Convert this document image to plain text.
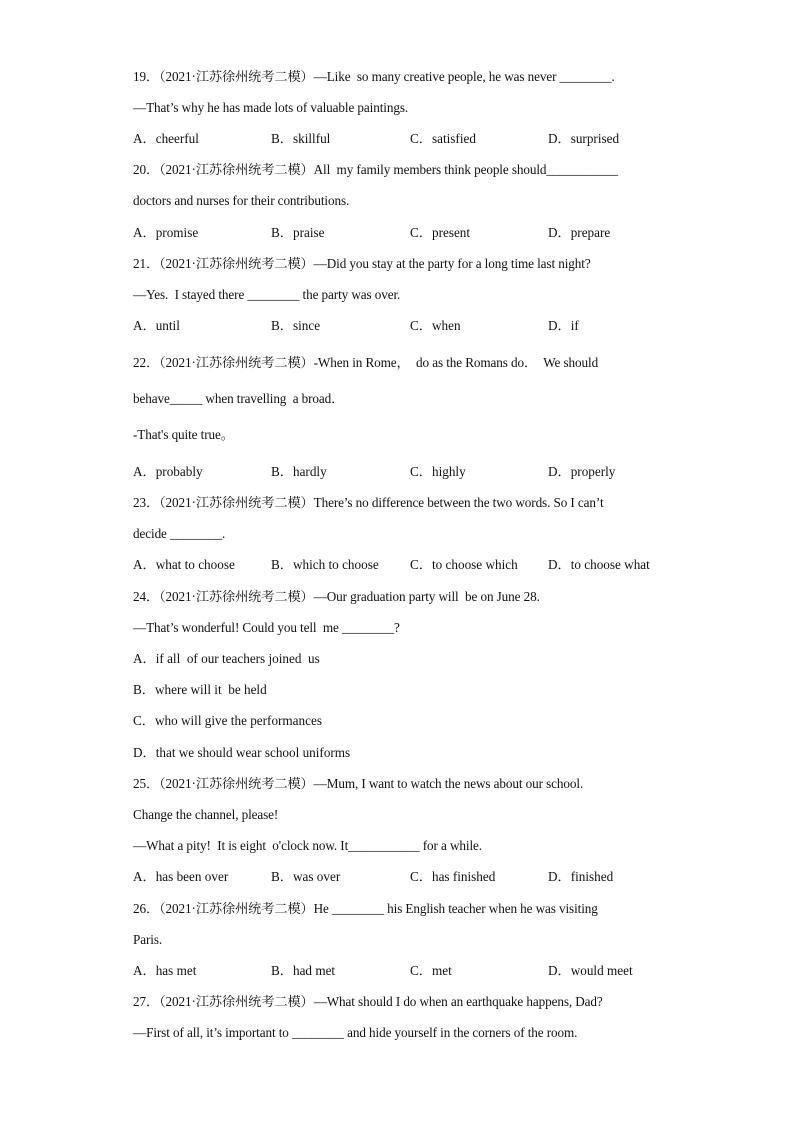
19．（2021·江苏徐州统考二模）—Like  so many creative people, he was never ________.
—That’s why he has made lots of valuable paintings.
A．cheerful	B．skillful	C．satisfied	D．surprised
20．（2021·江苏徐州统考二模）All  my family members think people should___________
doctors and nurses for their contributions.
A．promise	B．praise	C．present	D．prepare
21．（2021·江苏徐州统考二模）—Did you stay at the party for a long time last night?
—Yes.  I stayed there ________ the party was over.
A．until	B．since	C．when	D．if
22．（2021·江苏徐州统考二模）-When in Rome，  do as the Romans do．  We should
behave_____ when travelling  a broad．
-That's quite true。
A．probably	B．hardly	C．highly	D．properly
23．（2021·江苏徐州统考二模）There’s no difference between the two words. So I can’t
decide ________.
A．what to choose	B．which to choose C．to choose which D．to choose what
24．（2021·江苏徐州统考二模）—Our graduation party will  be on June 28.
—That’s wonderful! Could you tell  me ________?
A．if all  of our teachers joined  us
B．where will it  be held
C．who will give the performances
D．that we should wear school uniforms
25．（2021·江苏徐州统考二模）—Mum, I want to watch the news about our school.
Change the channel, please!
—What a pity!  It is eight  o'clock now. It___________ for a while.
A．has been over	B．was over	C．has finished	D．finished
26．（2021·江苏徐州统考二模）He ________ his English teacher when he was visiting
Paris.
A．has met	B．had met	C．met	D．would meet
27．（2021·江苏徐州统考二模）—What should I do when an earthquake happens, Dad?
—First of all, it’s important to ________ and hide yourself in the corners of the room.
